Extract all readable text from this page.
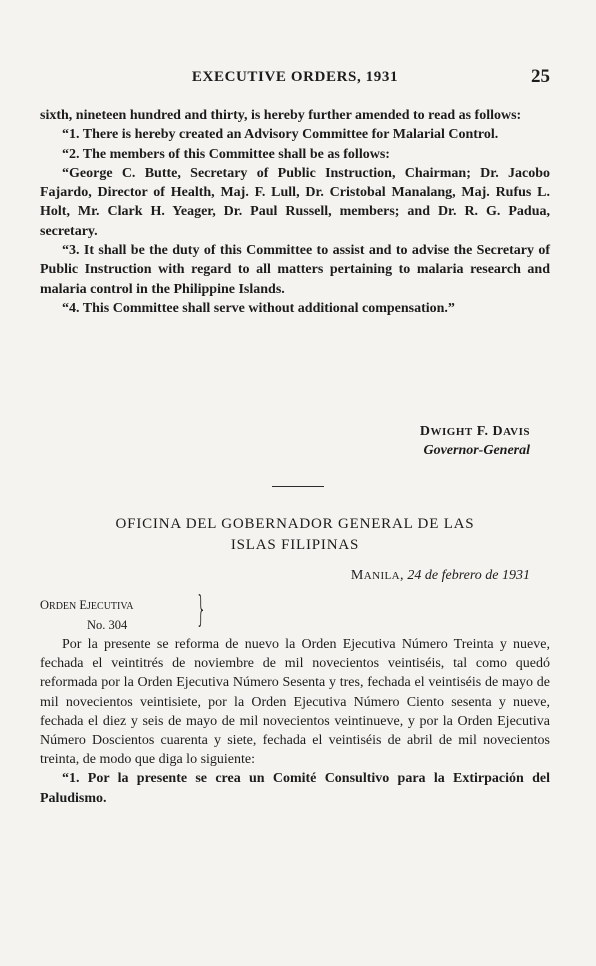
EXECUTIVE ORDERS, 1931	25

sixth, nineteen hundred and thirty, is hereby further amended to read as follows:

“1. There is hereby created an Advisory Committee for Malarial Control.

“2. The members of this Committee shall be as follows:

“George C. Butte, Secretary of Public Instruction, Chairman; Dr. Jacobo Fajardo, Director of Health, Maj. F. Lull, Dr. Cristobal Manalang, Maj. Rufus L. Holt, Mr. Clark H. Yeager, Dr. Paul Russell, members; and Dr. R. G. Padua, secretary.

“3. It shall be the duty of this Committee to assist and to advise the Secretary of Public Instruction with regard to all matters pertaining to malaria research and malaria control in the Philippine Islands.

“4. This Committee shall serve without additional compensation.”

DWIGHT F. DAVIS
Governor-General
OFICINA DEL GOBERNADOR GENERAL DE LAS
ISLAS FILIPINAS
MANILA, 24 de febrero de 1931
ORDEN EJECUTIVA
No. 304 }

Por la presente se reforma de nuevo la Orden Ejecutiva Número Treinta y nueve, fechada el veintitrés de noviembre de mil novecientos veintiséis, tal como quedó reformada por la Orden Ejecutiva Número Sesenta y tres, fechada el veintiséis de mayo de mil novecientos veintisiete, por la Orden Ejecutiva Número Ciento sesenta y nueve, fechada el diez y seis de mayo de mil novecientos veintinueve, y por la Orden Ejecutiva Número Doscientos cuarenta y siete, fechada el veintiséis de abril de mil novecientos treinta, de modo que diga lo siguiente:

“1. Por la presente se crea un Comité Consultivo para la Extirpación del Paludismo.
